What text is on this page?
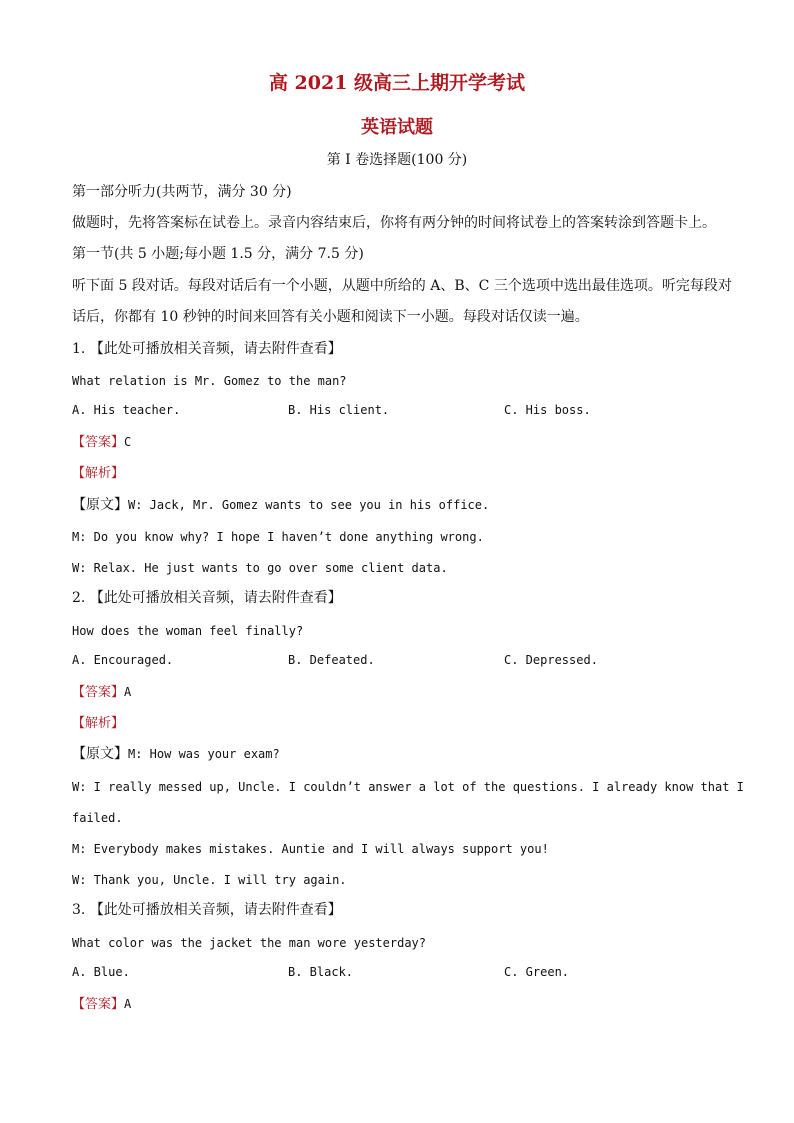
高 2021 级高三上期开学考试
英语试题
第 I 卷选择题(100 分)
第一部分听力(共两节，满分 30 分)
做题时，先将答案标在试卷上。录音内容结束后，你将有两分钟的时间将试卷上的答案转涂到答题卡上。
第一节(共 5 小题;每小题 1.5 分，满分 7.5 分)
听下面 5 段对话。每段对话后有一个小题，从题中所给的 A、B、C 三个选项中选出最佳选项。听完每段对
话后，你都有 10 秒钟的时间来回答有关小题和阅读下一小题。每段对话仅读一遍。
1. 【此处可播放相关音频，请去附件查看】
What relation is Mr. Gomez to the man?
A. His teacher.	B. His client.	C. His boss.
【答案】C
【解析】
【原文】W: Jack, Mr. Gomez wants to see you in his office.
M: Do you know why? I hope I haven’t done anything wrong.
W: Relax. He just wants to go over some client data.
2. 【此处可播放相关音频，请去附件查看】
How does the woman feel finally?
A. Encouraged.	B. Defeated.	C. Depressed.
【答案】A
【解析】
【原文】M: How was your exam?
W: I really messed up, Uncle. I couldn’t answer a lot of the questions. I already know that I
failed.
M: Everybody makes mistakes. Auntie and I will always support you!
W: Thank you, Uncle. I will try again.
3. 【此处可播放相关音频，请去附件查看】
What color was the jacket the man wore yesterday?
A. Blue.	B. Black.	C. Green.
【答案】A
